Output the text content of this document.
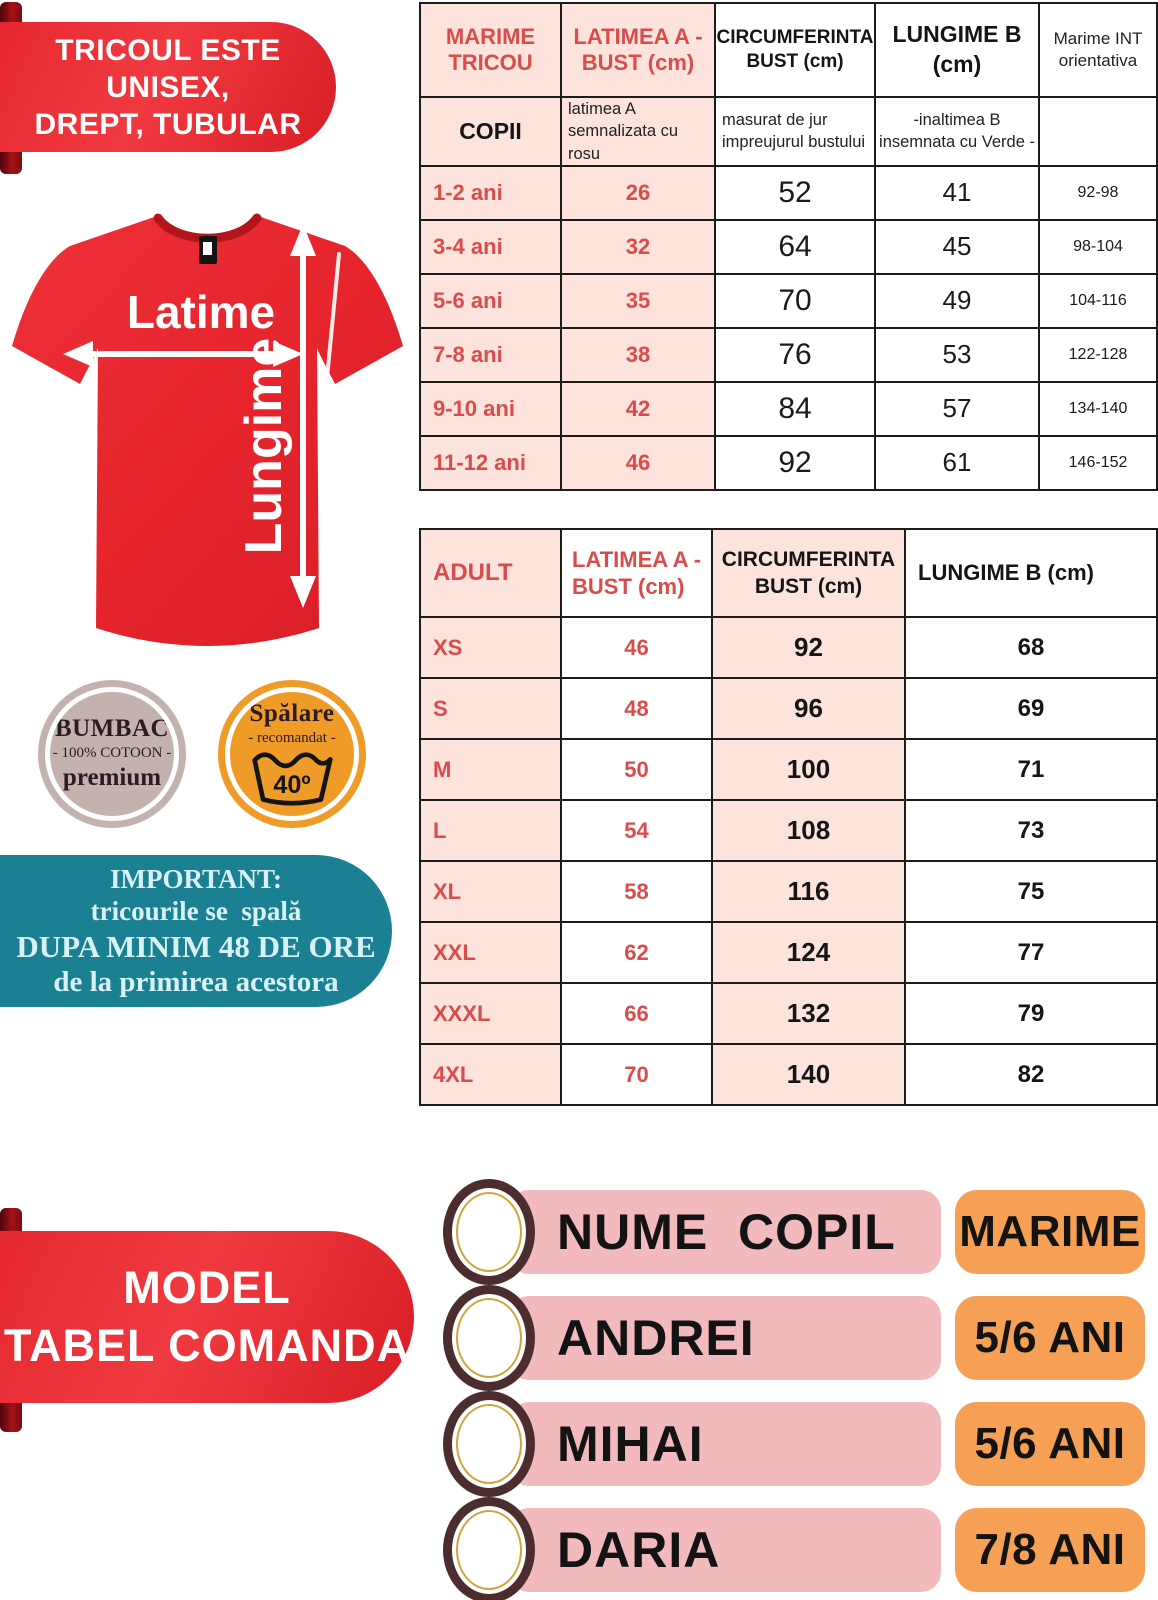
TRICOUL ESTE
UNISEX,
DREPT, TUBULAR
Latime
Lungime
BUMBAC
- 100% COTOON -
premium
Spălare
- recomandat -
40º
IMPORTANT:
tricourile se  spală
DUPA MINIM 48 DE ORE
de la primirea acestora
MARIME TRICOU	LATIMEA A - BUST (cm)	CIRCUMFERINTA BUST (cm)	LUNGIME B (cm)	Marime INT orientativa
COPII	latimea A semnalizata cu rosu	masurat de jur impreujurul bustului	-inaltimea B insemnata cu Verde -	
1-2 ani	26	52	41	92-98
3-4 ani	32	64	45	98-104
5-6 ani	35	70	49	104-116
7-8 ani	38	76	53	122-128
9-10 ani	42	84	57	134-140
11-12 ani	46	92	61	146-152
ADULT	LATIMEA A - BUST (cm)	CIRCUMFERINTA BUST (cm)	LUNGIME B (cm)
XS	46	92	68
S	48	96	69
M	50	100	71
L	54	108	73
XL	58	116	75
XXL	62	124	77
XXXL	66	132	79
4XL	70	140	82
MODEL
TABEL COMANDA
NUME  COPIL	MARIME
ANDREI	5/6 ANI
MIHAI	5/6 ANI
DARIA	7/8 ANI
